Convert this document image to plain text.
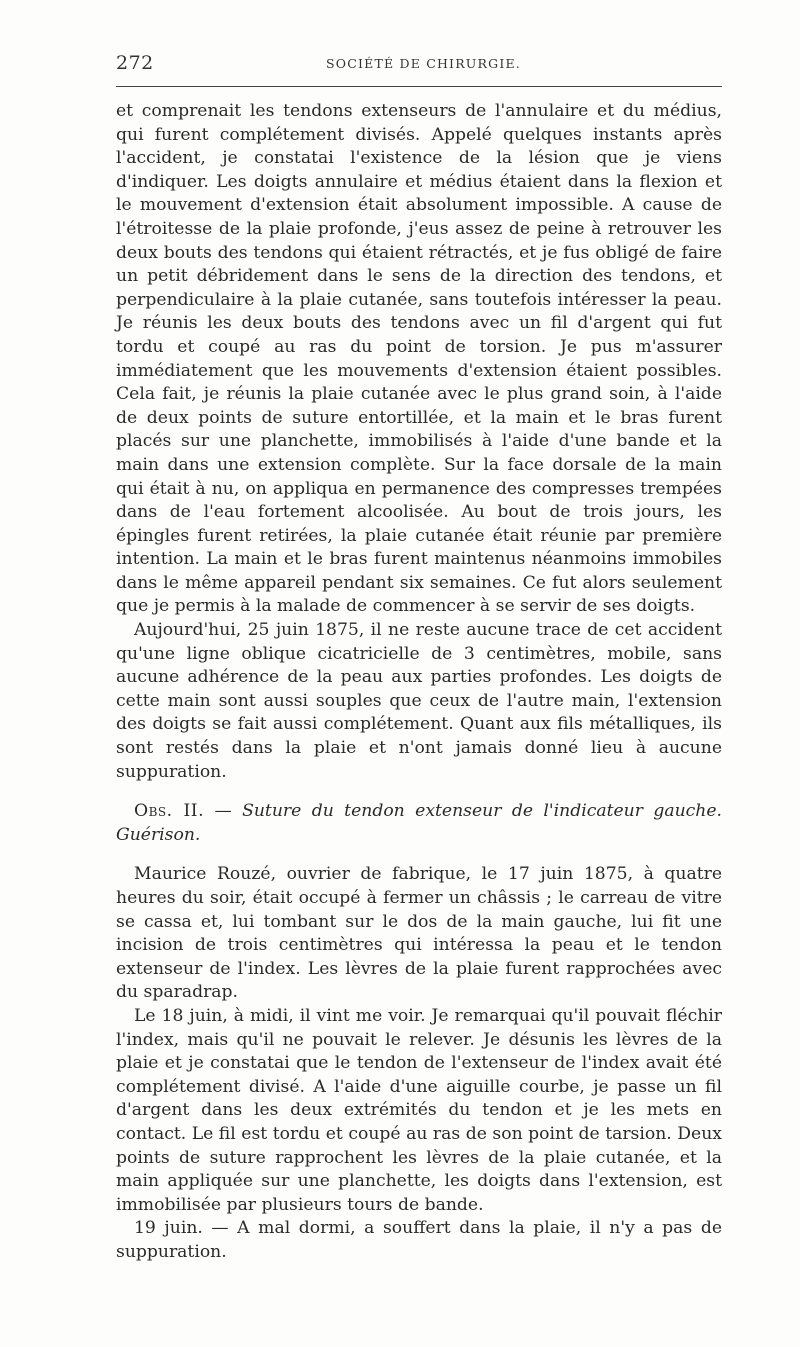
272	SOCIÉTÉ DE CHIRURGIE.

et comprenait les tendons extenseurs de l'annulaire et du médius, qui furent complétement divisés. Appelé quelques instants après l'accident, je constatai l'existence de la lésion que je viens d'indiquer. Les doigts annulaire et médius étaient dans la flexion et le mouvement d'extension était absolument impossible. A cause de l'étroitesse de la plaie profonde, j'eus assez de peine à retrouver les deux bouts des tendons qui étaient rétractés, et je fus obligé de faire un petit débridement dans le sens de la direction des tendons, et perpendiculaire à la plaie cutanée, sans toutefois intéresser la peau. Je réunis les deux bouts des tendons avec un fil d'argent qui fut tordu et coupé au ras du point de torsion. Je pus m'assurer immédiatement que les mouvements d'extension étaient possibles. Cela fait, je réunis la plaie cutanée avec le plus grand soin, à l'aide de deux points de suture entortillée, et la main et le bras furent placés sur une planchette, immobilisés à l'aide d'une bande et la main dans une extension complète. Sur la face dorsale de la main qui était à nu, on appliqua en permanence des compresses trempées dans de l'eau fortement alcoolisée. Au bout de trois jours, les épingles furent retirées, la plaie cutanée était réunie par première intention. La main et le bras furent maintenus néanmoins immobiles dans le même appareil pendant six semaines. Ce fut alors seulement que je permis à la malade de commencer à se servir de ses doigts.

Aujourd'hui, 25 juin 1875, il ne reste aucune trace de cet accident qu'une ligne oblique cicatricielle de 3 centimètres, mobile, sans aucune adhérence de la peau aux parties profondes. Les doigts de cette main sont aussi souples que ceux de l'autre main, l'extension des doigts se fait aussi complétement. Quant aux fils métalliques, ils sont restés dans la plaie et n'ont jamais donné lieu à aucune suppuration.

Obs. II. — Suture du tendon extenseur de l'indicateur gauche. Guérison.

Maurice Rouzé, ouvrier de fabrique, le 17 juin 1875, à quatre heures du soir, était occupé à fermer un châssis ; le carreau de vitre se cassa et, lui tombant sur le dos de la main gauche, lui fit une incision de trois centimètres qui intéressa la peau et le tendon extenseur de l'index. Les lèvres de la plaie furent rapprochées avec du sparadrap.

Le 18 juin, à midi, il vint me voir. Je remarquai qu'il pouvait fléchir l'index, mais qu'il ne pouvait le relever. Je désunis les lèvres de la plaie et je constatai que le tendon de l'extenseur de l'index avait été complétement divisé. A l'aide d'une aiguille courbe, je passe un fil d'argent dans les deux extrémités du tendon et je les mets en contact. Le fil est tordu et coupé au ras de son point de tarsion. Deux points de suture rapprochent les lèvres de la plaie cutanée, et la main appliquée sur une planchette, les doigts dans l'extension, est immobilisée par plusieurs tours de bande.

19 juin. — A mal dormi, a souffert dans la plaie, il n'y a pas de suppuration.
